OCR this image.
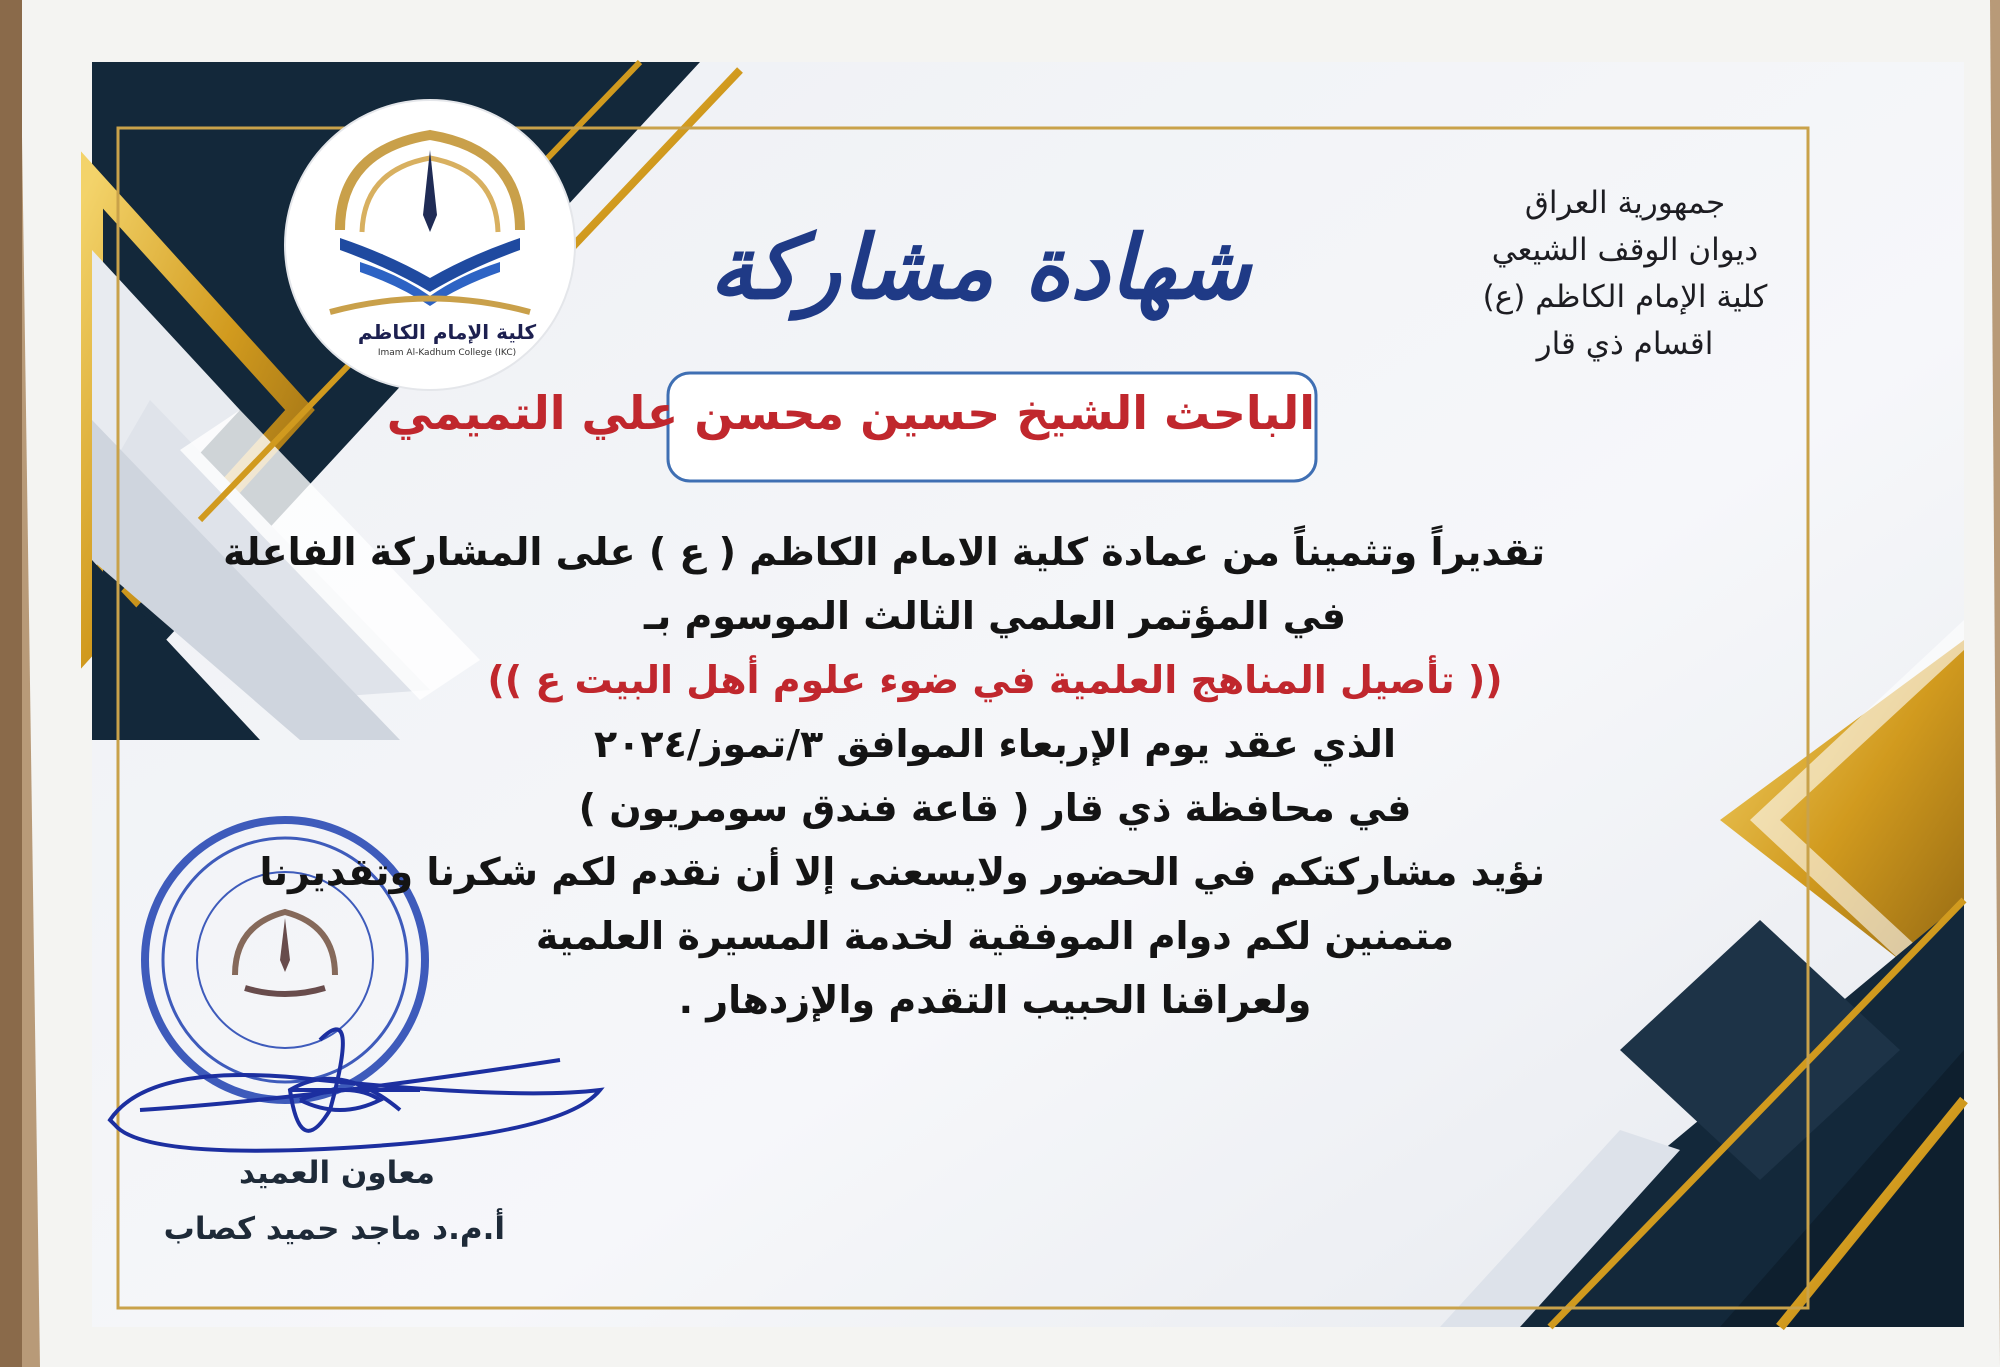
جمهورية العراق
ديوان الوقف الشيعي
كلية الإمام الكاظم (ع)
اقسام ذي قار
كلية الإمام الكاظم
Imam Al-Kadhum College (IKC)
شهادة مشاركة
الباحث الشيخ حسين محسن علي التميمي
تقديراً وتثميناً من عمادة كلية الامام الكاظم ( ع ) على المشاركة الفاعلة
في المؤتمر العلمي الثالث الموسوم بـ
(( تأصيل المناهج العلمية في ضوء علوم أهل البيت ع ))
الذي عقد يوم الإربعاء الموافق ٣/تموز/٢٠٢٤
في محافظة ذي قار ( قاعة فندق سومريون )
نؤيد مشاركتكم في الحضور ولايسعنى إلا أن نقدم لكم شكرنا وتقديرنا
متمنين لكم دوام الموفقية لخدمة المسيرة العلمية
ولعراقنا الحبيب التقدم والإزدهار .
معاون العميد
أ.م.د ماجد حميد كصاب
